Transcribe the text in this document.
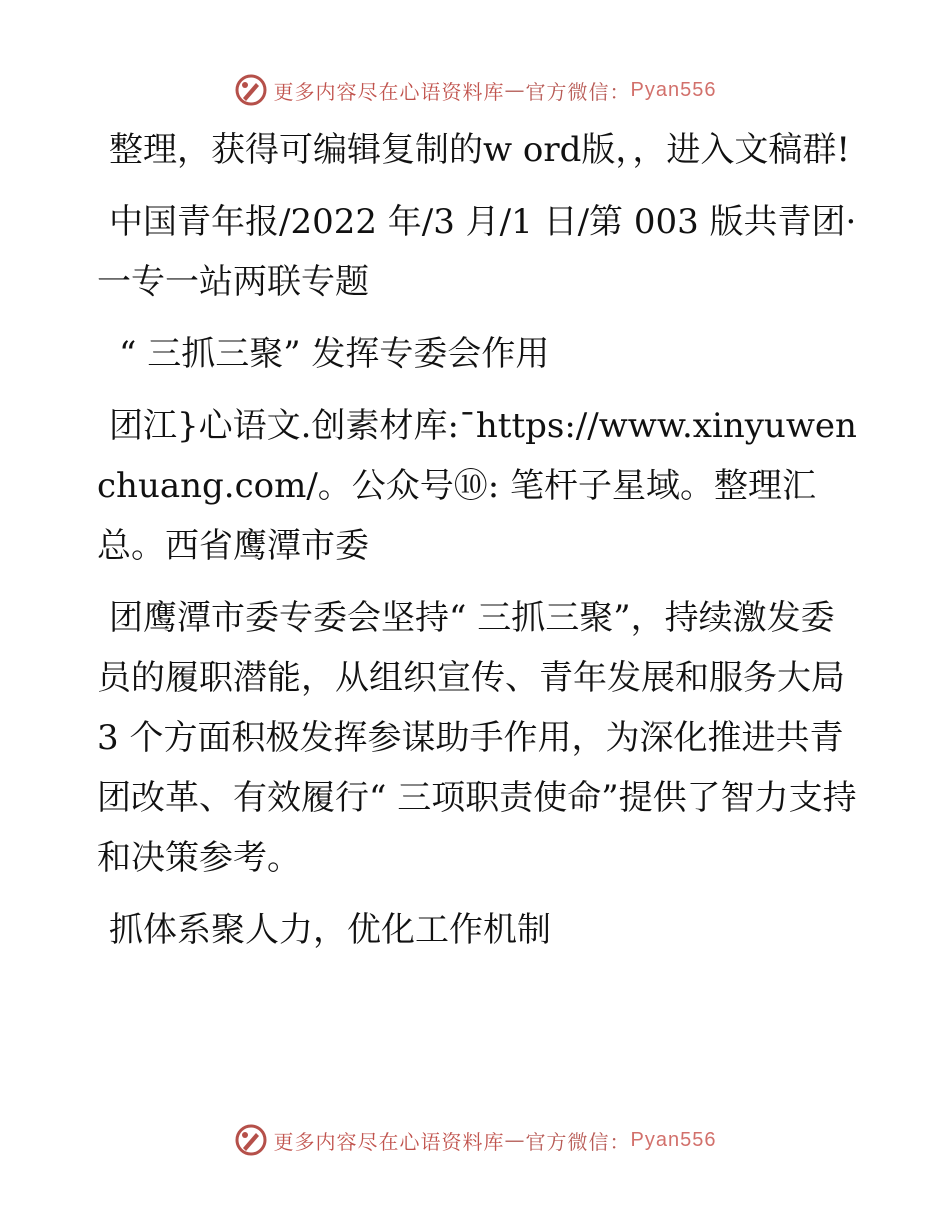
更多内容尽在心语资料库 — 官方微信： Pyan556

整理，获得可编辑复制的w ord版，，进入文稿群!

中国青年报/2022 年/3 月/1 日/第 003 版共青团· 一专一站两联专题

“ 三抓三聚” 发挥专委会作用

团江}心语文.创素材库:¯https://www.xinyuwenchuang.com/。公众号⑩: 笔杆子星域。整理汇总。西省鹰潭市委

团鹰潭市委专委会坚持“ 三抓三聚”，持续激发委员的履职潜能，从组织宣传、青年发展和服务大局 3 个方面积极发挥参谋助手作用，为深化推进共青团改革、有效履行“ 三项职责使命”提供了智力支持和决策参考。

抓体系聚人力，优化工作机制

更多内容尽在心语资料库 — 官方微信： Pyan556
